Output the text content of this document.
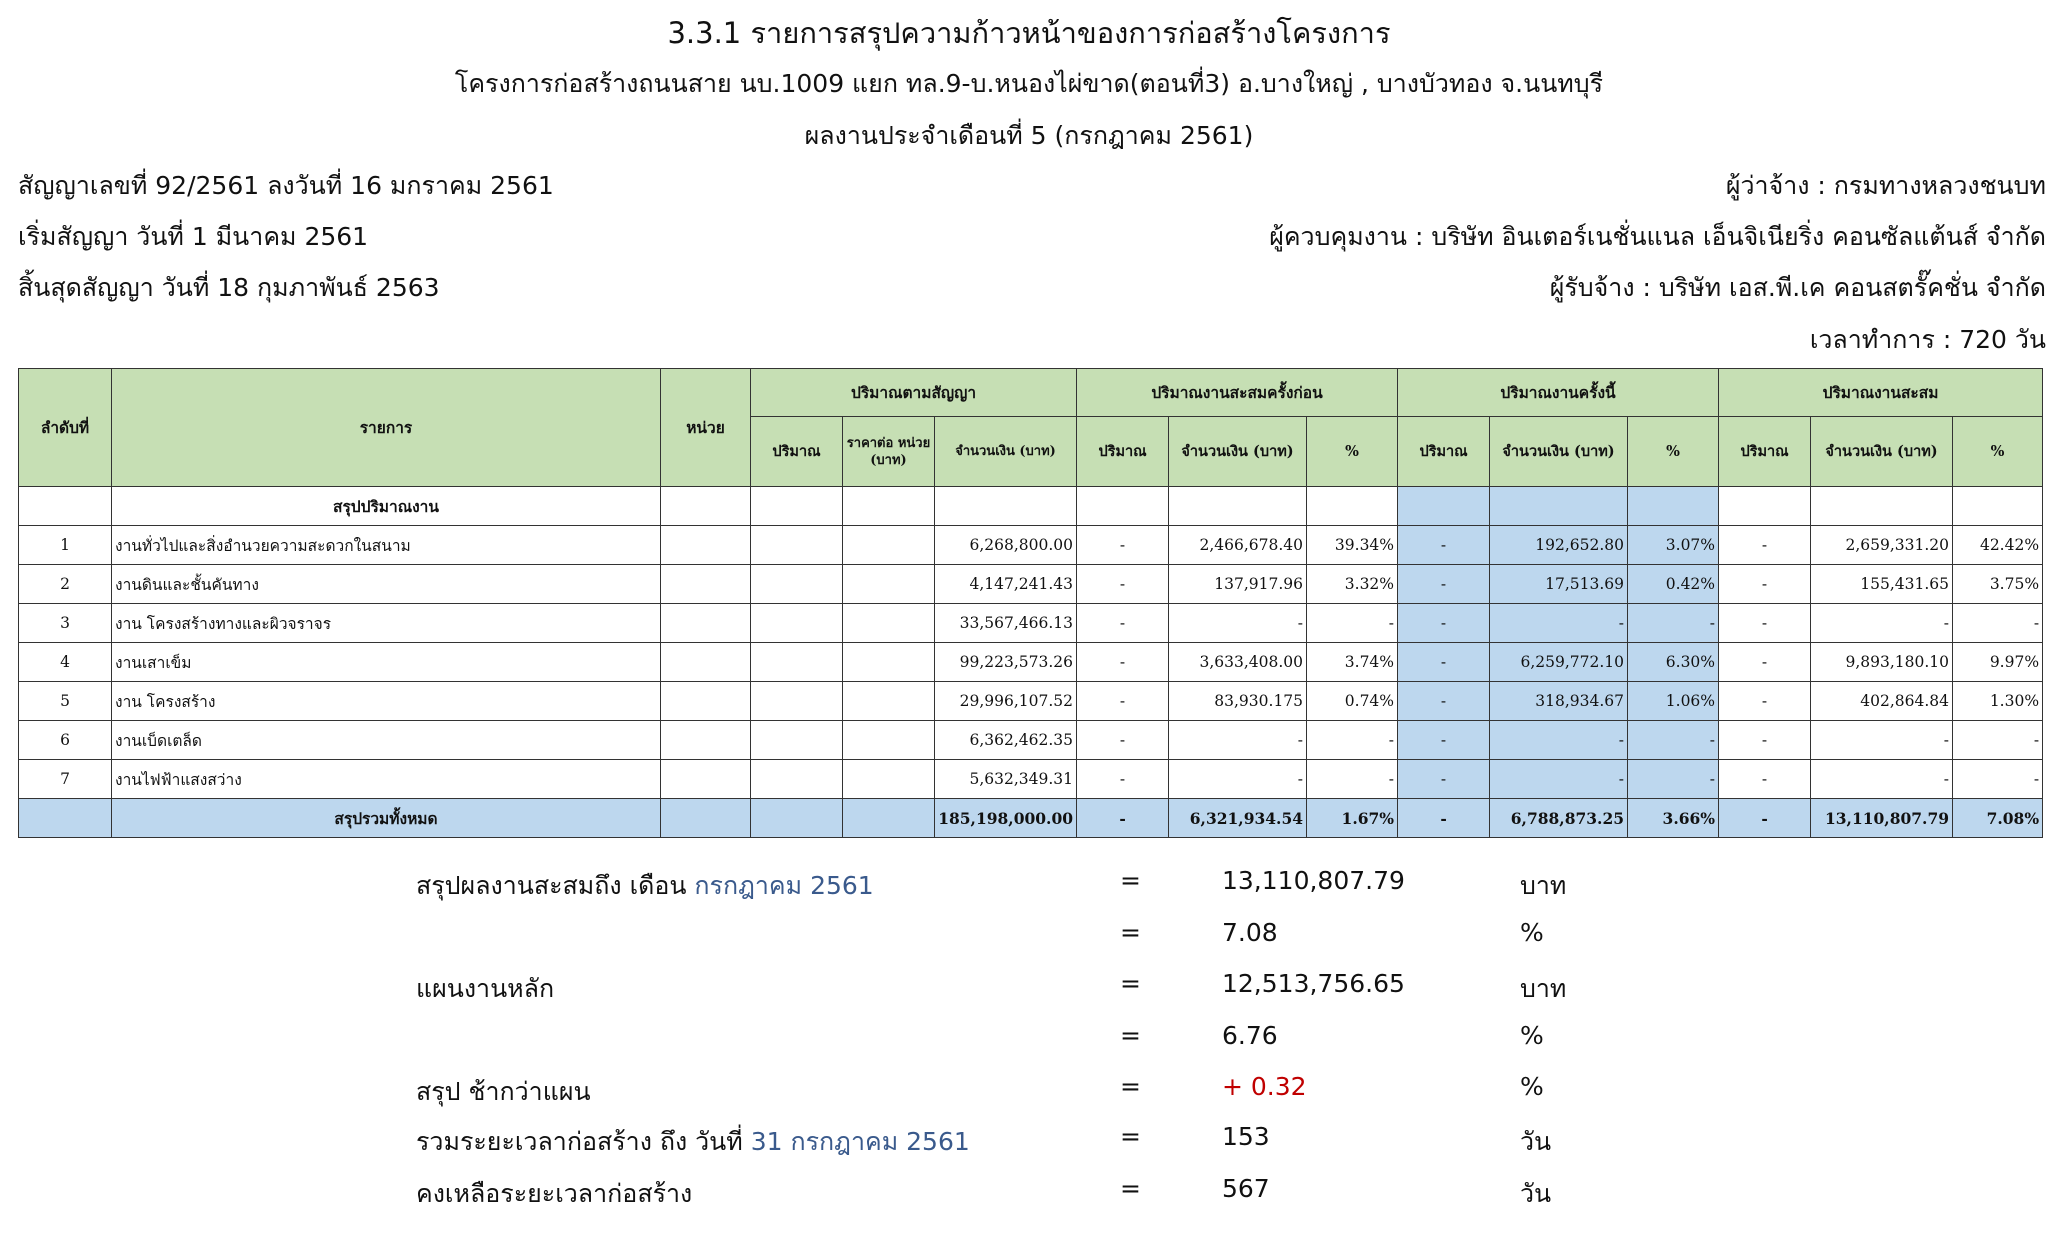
3.3.1 รายการสรุปความก้าวหน้าของการก่อสร้างโครงการ
โครงการก่อสร้างถนนสาย นบ.1009 แยก ทล.9-บ.หนองไผ่ขาด(ตอนที่3) อ.บางใหญ่ , บางบัวทอง จ.นนทบุรี
ผลงานประจำเดือนที่ 5 (กรกฎาคม 2561)
สัญญาเลขที่ 92/2561 ลงวันที่ 16 มกราคม 2561
เริ่มสัญญา วันที่ 1 มีนาคม 2561
สิ้นสุดสัญญา วันที่ 18 กุมภาพันธ์ 2563
ผู้ว่าจ้าง : กรมทางหลวงชนบท
ผู้ควบคุมงาน : บริษัท อินเตอร์เนชั่นแนล เอ็นจิเนียริ่ง คอนซัลแต้นส์ จำกัด
ผู้รับจ้าง : บริษัท เอส.พี.เค คอนสตรั๊คชั่น จำกัด
เวลาทำการ : 720 วัน
ลำดับที่	รายการ	หน่วย	ปริมาณตามสัญญา			ปริมาณงานสะสมครั้งก่อน			ปริมาณงานครั้งนี้			ปริมาณงานสะสม		
			ปริมาณ	ราคาต่อ หน่วย (บาท)	จำนวนเงิน (บาท)	ปริมาณ	จำนวนเงิน (บาท)	%	ปริมาณ	จำนวนเงิน (บาท)	%	ปริมาณ	จำนวนเงิน (บาท)	%
	สรุปปริมาณงาน													
1	งานทั่วไปและสิ่งอำนวยความสะดวกในสนาม				6,268,800.00	-	2,466,678.40	39.34%	-	192,652.80	3.07%	-	2,659,331.20	42.42%
2	งานดินและชั้นคันทาง				4,147,241.43	-	137,917.96	3.32%	-	17,513.69	0.42%	-	155,431.65	3.75%
3	งาน โครงสร้างทางและผิวจราจร				33,567,466.13	-	-	-	-	-	-	-	-	-
4	งานเสาเข็ม				99,223,573.26	-	3,633,408.00	3.74%	-	6,259,772.10	6.30%	-	9,893,180.10	9.97%
5	งาน โครงสร้าง				29,996,107.52	-	83,930.175	0.74%	-	318,934.67	1.06%	-	402,864.84	1.30%
6	งานเบ็ดเตล็ด				6,362,462.35	-	-	-	-	-	-	-	-	-
7	งานไฟฟ้าแสงสว่าง				5,632,349.31	-	-	-	-	-	-	-	-	-
	สรุปรวมทั้งหมด				185,198,000.00	-	6,321,934.54	1.67%	-	6,788,873.25	3.66%	-	13,110,807.79	7.08%
สรุปผลงานสะสมถึง เดือน กรกฎาคม 2561	=	13,110,807.79	บาท
=	7.08	%
แผนงานหลัก	=	12,513,756.65	บาท
=	6.76	%
สรุป ช้ากว่าแผน	=	+ 0.32	%
รวมระยะเวลาก่อสร้าง ถึง วันที่ 31 กรกฎาคม 2561	=	153	วัน
คงเหลือระยะเวลาก่อสร้าง	=	567	วัน
